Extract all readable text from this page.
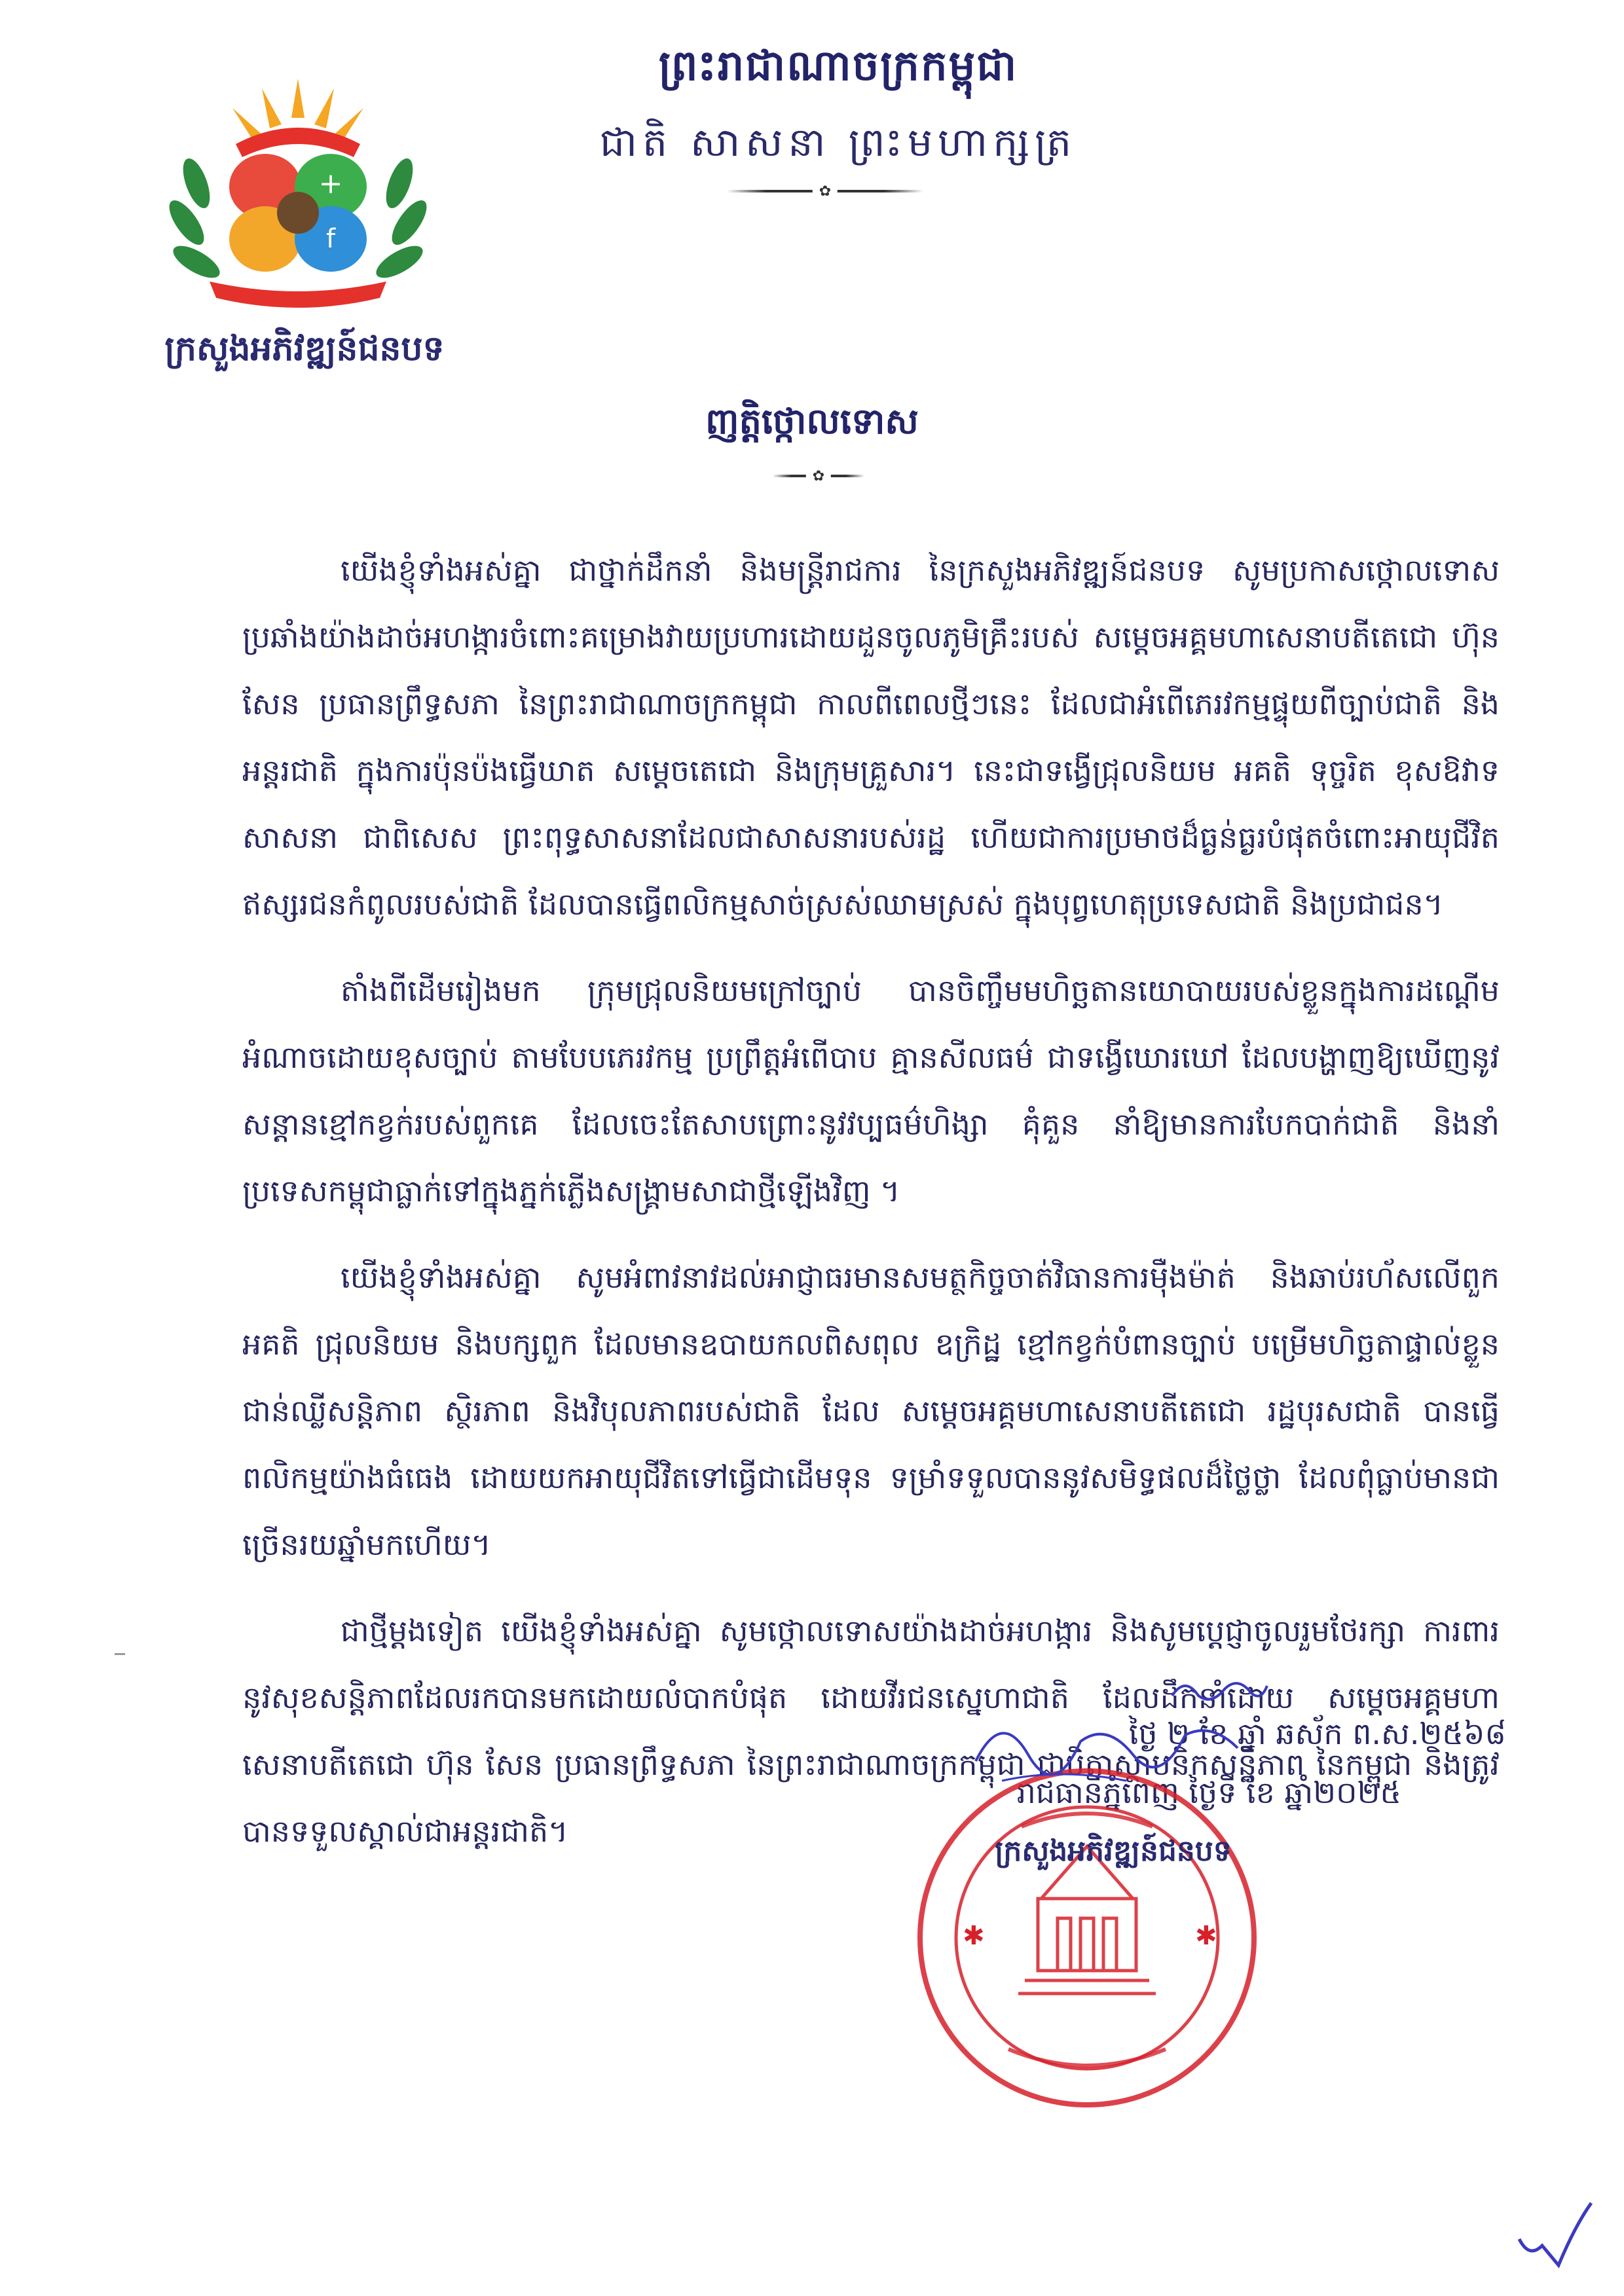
+
f
ព្រះរាជាណាចក្រកម្ពុជា
ជាតិ សាសនា ព្រះមហាក្សត្រ
✿
ក្រសួងអភិវឌ្ឍន៍ជនបទ
ញត្តិថ្កោលទោស
✿

យើងខ្ញុំទាំងអស់គ្នា ជាថ្នាក់ដឹកនាំ និងមន្ត្រីរាជការ នៃក្រសួងអភិវឌ្ឍន៍ជនបទ សូមប្រកាសថ្កោលទោស ប្រឆាំងយ៉ាងដាច់អហង្ការចំពោះគម្រោងវាយប្រហារដោយដួនចូលភូមិគ្រឹះរបស់ សម្តេចអគ្គមហាសេនាបតីតេជោ ហ៊ុន សែន ប្រធានព្រឹទ្ធសភា នៃព្រះរាជាណាចក្រកម្ពុជា កាលពីពេលថ្មីៗនេះ ដែលជាអំពើភេរវកម្មផ្ទុយពីច្បាប់ជាតិ និងអន្តរជាតិ ក្នុងការប៉ុនប៉ងធ្វើឃាត សម្តេចតេជោ និងក្រុមគ្រួសារ។ នេះជាទង្វើជ្រុលនិយម អគតិ ទុច្ចរិត ខុសឱវាទសាសនា ជាពិសេស ព្រះពុទ្ធសាសនាដែលជាសាសនារបស់រដ្ឋ ហើយជាការប្រមាថដ៏ធ្ងន់ធ្ងរបំផុតចំពោះអាយុជីវិតឥស្សរជនកំពូលរបស់ជាតិ ដែលបានធ្វើពលិកម្មសាច់ស្រស់ឈាមស្រស់ ក្នុងបុព្វហេតុប្រទេសជាតិ និងប្រជាជន។

តាំងពីដើមរៀងមក ក្រុមជ្រុលនិយមក្រៅច្បាប់ បានចិញ្ចឹមមហិច្ឆតានយោបាយរបស់ខ្លួនក្នុងការដណ្តើមអំណាចដោយខុសច្បាប់ តាមបែបភេរវកម្ម ប្រព្រឹត្តអំពើបាប គ្មានសីលធម៌ ជាទង្វើឃោរឃៅ ដែលបង្ហាញឱ្យឃើញនូវសន្តានខ្មៅកខ្វក់របស់ពួកគេ ដែលចេះតែសាបព្រោះនូវវប្បធម៌ហិង្សា គុំគួន នាំឱ្យមានការបែកបាក់ជាតិ និងនាំប្រទេសកម្ពុជាធ្លាក់ទៅក្នុងភ្នក់ភ្លើងសង្គ្រាមសាជាថ្មីឡើងវិញ ។

យើងខ្ញុំទាំងអស់គ្នា សូមអំពាវនាវដល់អាជ្ញាធរមានសមត្ថកិច្ចចាត់វិធានការម៉ឺងម៉ាត់ និងឆាប់រហ័សលើពួកអគតិ ជ្រុលនិយម និងបក្សពួក ដែលមានឧបាយកលពិសពុល ឧក្រិដ្ឋ ខ្មៅកខ្វក់បំពានច្បាប់ បម្រើមហិច្ឆតាផ្ទាល់ខ្លួន ជាន់ឈ្លីសន្តិភាព ស្ថិរភាព និងវិបុលភាពរបស់ជាតិ ដែល សម្តេចអគ្គមហាសេនាបតីតេជោ រដ្ឋបុរសជាតិ បានធ្វើពលិកម្មយ៉ាងធំធេង ដោយយកអាយុជីវិតទៅធ្វើជាដើមទុន ទម្រាំទទួលបាននូវសមិទ្ធផលដ៏ថ្លៃថ្លា ដែលពុំធ្លាប់មានជាច្រើនរយឆ្នាំមកហើយ។

ជាថ្មីម្តងទៀត យើងខ្ញុំទាំងអស់គ្នា សូមថ្កោលទោសយ៉ាងដាច់អហង្ការ និងសូមប្តេជ្ញាចូលរួមថែរក្សា ការពារ នូវសុខសន្តិភាពដែលរកបានមកដោយលំបាកបំផុត ដោយវីរជនស្នេហាជាតិ ដែលដឹកនាំដោយ សម្តេចអគ្គមហាសេនាបតីតេជោ ហ៊ុន សែន ប្រធានព្រឹទ្ធសភា នៃព្រះរាជាណាចក្រកម្ពុជា ជាបិតាស្ថាបនិកសន្តិភាព នៃកម្ពុជា និងត្រូវបានទទួលស្គាល់ជាអន្តរជាតិ។

ថ្ងៃ ២ ខែ ឆ្នាំ ឆស័ក ព.ស.២៥៦៨
រាជធានីភ្នំពេញ ថ្ងៃទី ខែ ឆ្នាំ២០២៥
✱	✱
ក្រសួងអភិវឌ្ឍន៍ជនបទ
